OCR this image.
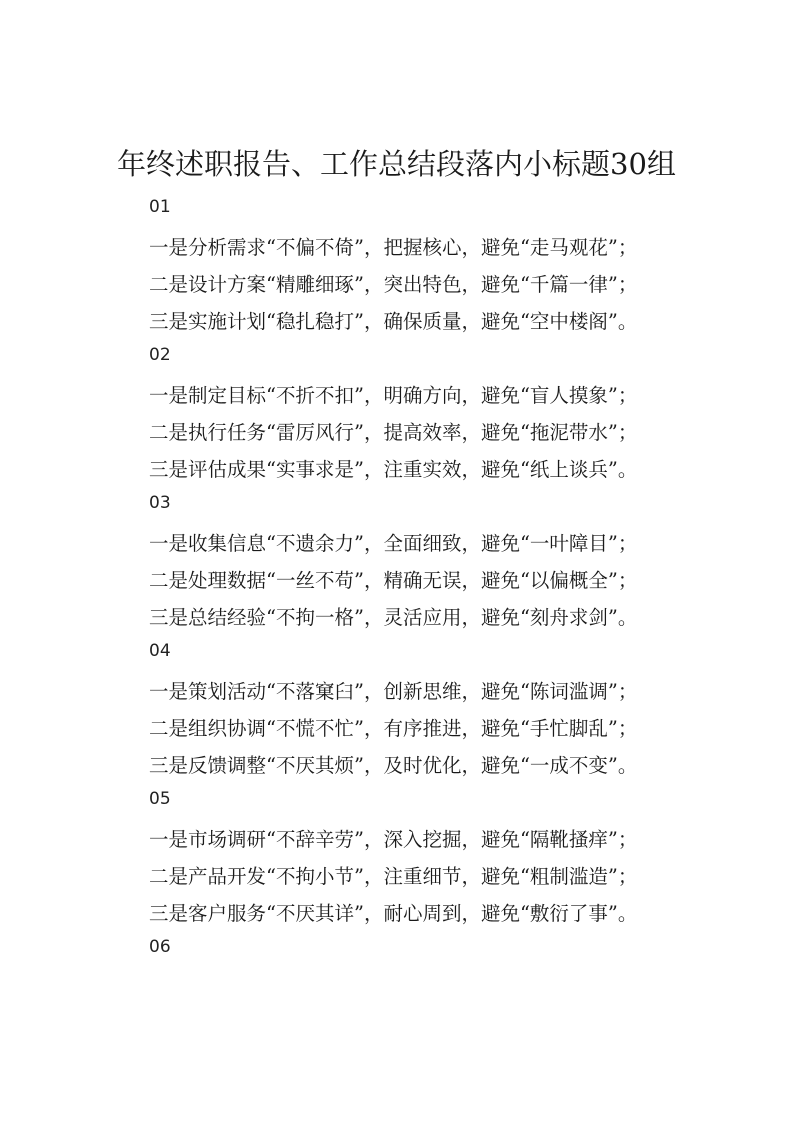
年终述职报告、工作总结段落内小标题30组
01
一是分析需求“不偏不倚”，把握核心，避免“走马观花”；
二是设计方案“精雕细琢”，突出特色，避免“千篇一律”；
三是实施计划“稳扎稳打”，确保质量，避免“空中楼阁”。
02
一是制定目标“不折不扣”，明确方向，避免“盲人摸象”；
二是执行任务“雷厉风行”，提高效率，避免“拖泥带水”；
三是评估成果“实事求是”，注重实效，避免“纸上谈兵”。
03
一是收集信息“不遗余力”，全面细致，避免“一叶障目”；
二是处理数据“一丝不苟”，精确无误，避免“以偏概全”；
三是总结经验“不拘一格”，灵活应用，避免“刻舟求剑”。
04
一是策划活动“不落窠臼”，创新思维，避免“陈词滥调”；
二是组织协调“不慌不忙”，有序推进，避免“手忙脚乱”；
三是反馈调整“不厌其烦”，及时优化，避免“一成不变”。
05
一是市场调研“不辞辛劳”，深入挖掘，避免“隔靴搔痒”；
二是产品开发“不拘小节”，注重细节，避免“粗制滥造”；
三是客户服务“不厌其详”，耐心周到，避免“敷衍了事”。
06
